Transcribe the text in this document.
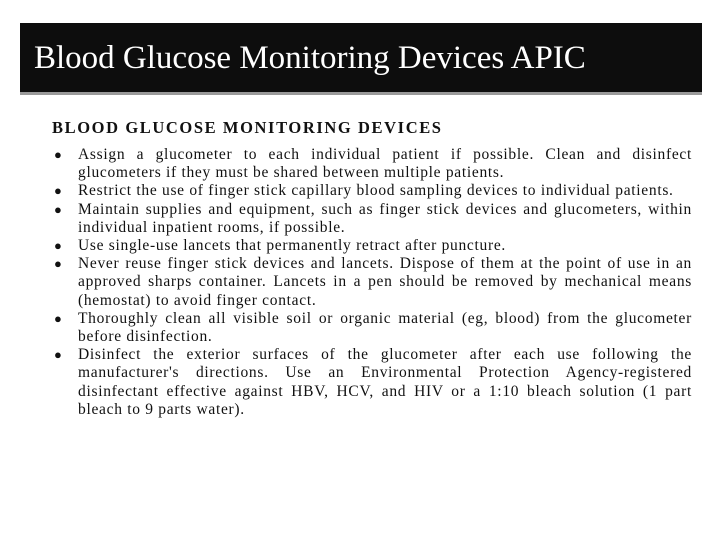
Blood Glucose Monitoring Devices APIC
BLOOD GLUCOSE MONITORING DEVICES
● Assign a glucometer to each individual patient if possible. Clean and disinfect glucometers if they must be shared between multiple patients.
● Restrict the use of finger stick capillary blood sampling devices to individual patients.
● Maintain supplies and equipment, such as finger stick devices and glucometers, within individual inpatient rooms, if possible.
● Use single-use lancets that permanently retract after puncture.
● Never reuse finger stick devices and lancets. Dispose of them at the point of use in an approved sharps container. Lancets in a pen should be removed by mechanical means (hemostat) to avoid finger contact.
● Thoroughly clean all visible soil or organic material (eg, blood) from the glucometer before disinfection.
● Disinfect the exterior surfaces of the glucometer after each use following the manufacturer's directions. Use an Environmental Protection Agency-registered disinfectant effective against HBV, HCV, and HIV or a 1:10 bleach solution (1 part bleach to 9 parts water).
